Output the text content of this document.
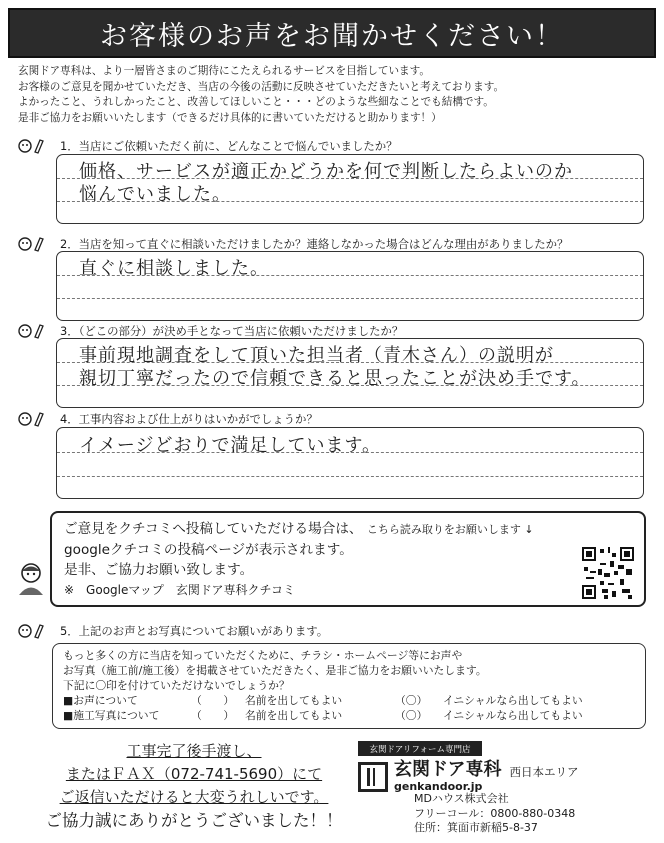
お客様のお声をお聞かせください！
玄関ドア専科は、より一層皆さまのご期待にこたえられるサービスを目指しています。
お客様のご意見を聞かせていただき、当店の今後の活動に反映させていただきたいと考えております。
よかったこと、うれしかったこと、改善してほしいこと・・・どのような些細なことでも結構です。
是非ご協力をお願いいたします（できるだけ具体的に書いていただけると助かります！）
1．当店にご依頼いただく前に、どんなことで悩んでいましたか？
価格、サービスが適正かどうかを何で判断したらよいのか
悩んでいました。
2．当店を知って直ぐに相談いただけましたか？連絡しなかった場合はどんな理由がありましたか？
直ぐに相談しました。
3．（どこの部分）が決め手となって当店に依頼いただけましたか？
事前現地調査をして頂いた担当者（青木さん）の説明が
親切丁寧だったので信頼できると思ったことが決め手です。
4．工事内容および仕上がりはいかがでしょうか？
イメージどおりで満足しています。
ご意見をクチコミへ投稿していただける場合は、 こちら読み取りをお願いします ↓
googleクチコミの投稿ページが表示されます。
是非、ご協力お願い致します。
※　Googleマップ　玄関ドア専科クチコミ
5．上記のお声とお写真についてお願いがあります。
もっと多くの方に当店を知っていただくために、チラシ・ホームページ等にお声や
お写真（施工前/施工後）を掲載させていただきたく、是非ご協力をお願いいたします。
下記に〇印を付けていただけないでしょうか？
■お声について	（　　）	名前を出してもよい	（〇）	イニシャルなら出してもよい
■施工写真について	（　　）	名前を出してもよい	（〇）	イニシャルなら出してもよい
工事完了後手渡し、
またはＦＡＸ（072-741-5690）にて
ご返信いただけると大変うれしいです。
ご協力誠にありがとうございました！！
玄関ドアリフォーム専門店
玄関ドア専科
genkandoor.jp
西日本エリア
MDハウス株式会社
フリーコール：0800-880-0348
住所：箕面市新稲5-8-37
